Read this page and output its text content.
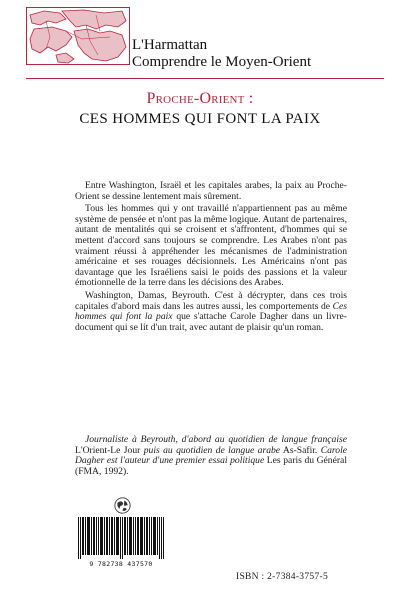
L'Harmattan
Comprendre le Moyen-Orient
Proche-Orient :
CES HOMMES QUI FONT LA PAIX

Entre Washington, Israël et les capitales arabes, la paix au Proche-Orient se dessine lentement mais sûrement.

Tous les hommes qui y ont travaillé n'appartiennent pas au même système de pensée et n'ont pas la même logique. Autant de partenaires, autant de mentalités qui se croisent et s'affrontent, d'hommes qui se mettent d'accord sans toujours se comprendre. Les Arabes n'ont pas vraiment réussi à appréhender les mécanismes de l'administration américaine et ses rouages décisionnels. Les Américains n'ont pas davantage que les Israéliens saisi le poids des passions et la valeur émotionnelle de la terre dans les décisions des Arabes.

Washington, Damas, Beyrouth. C'est à décrypter, dans ces trois capitales d'abord mais dans les autres aussi, les comportements de Ces hommes qui font la paix que s'attache Carole Dagher dans un livre-document qui se lit d'un trait, avec autant de plaisir qu'un roman.

Journaliste à Beyrouth, d'abord au quotidien de langue française L'Orient-Le Jour puis au quotidien de langue arabe As-Safir. Carole Dagher est l'auteur d'une premier essai politique Les paris du Général (FMA, 1992).

9 782738 437570
ISBN : 2-7384-3757-5
